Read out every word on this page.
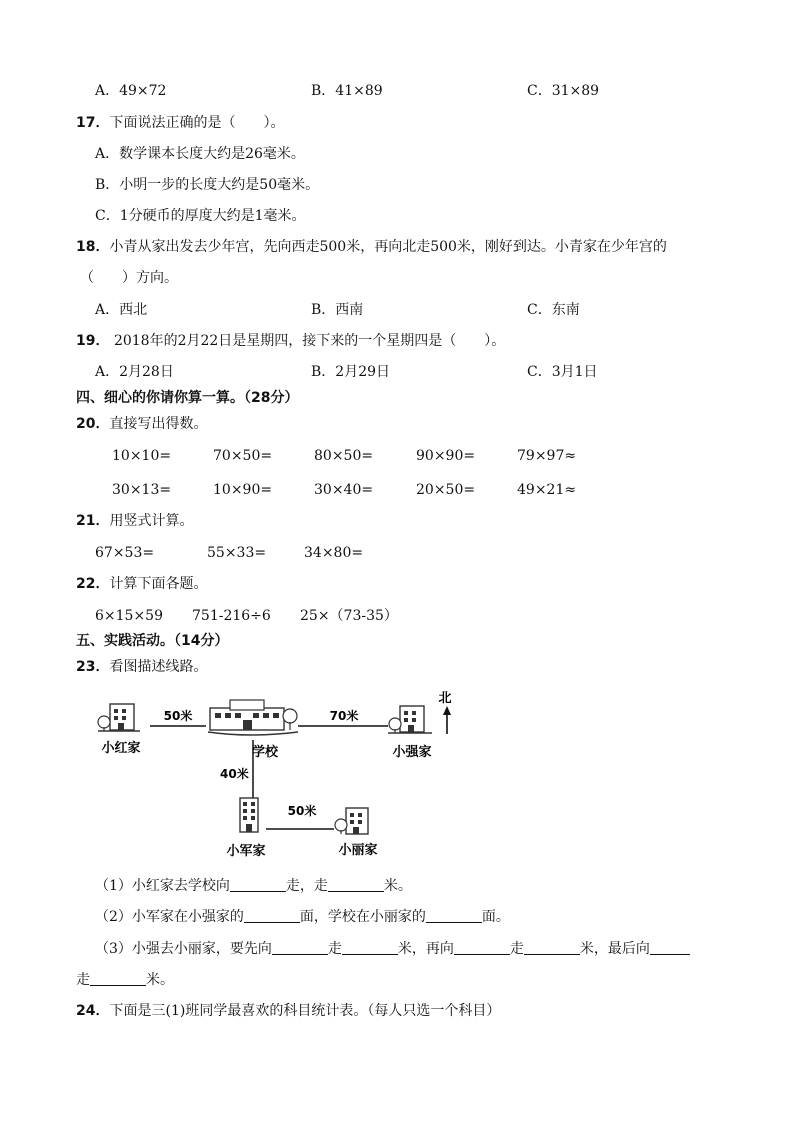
A．49×72	B．41×89	C．31×89
17．下面说法正确的是（　　）。
A．数学课本长度大约是26毫米。
B．小明一步的长度大约是50毫米。
C．1分硬币的厚度大约是1毫米。
18．小青从家出发去少年宫，先向西走500米，再向北走500米，刚好到达。小青家在少年宫的
（　　）方向。
A．西北	B．西南	C．东南
19． 2018年的2月22日是星期四，接下来的一个星期四是（　　）。
A．2月28日	B．2月29日	C．3月1日
四、细心的你请你算一算。（28分）
20．直接写出得数。
10×10=	70×50=	80×50=	90×90=	79×97≈
30×13=	10×90=	30×40=	20×50=	49×21≈
21．用竖式计算。
67×53=	55×33=	34×80=
22．计算下面各题。
6×15×59 751-216÷6 25×（73-35）
五、实践活动。（14分）
23．看图描述线路。
北
小红家
50米
学校
70米
小强家
40米
小军家
50米
小丽家
（1）小红家去学校向	走，走	米。
（2）小军家在小强家的	面，学校在小丽家的	面。
（3）小强去小丽家，要先向	走	米，再向	走	米，最后向
走	米。
24．下面是三(1)班同学最喜欢的科目统计表。（每人只选一个科目）
